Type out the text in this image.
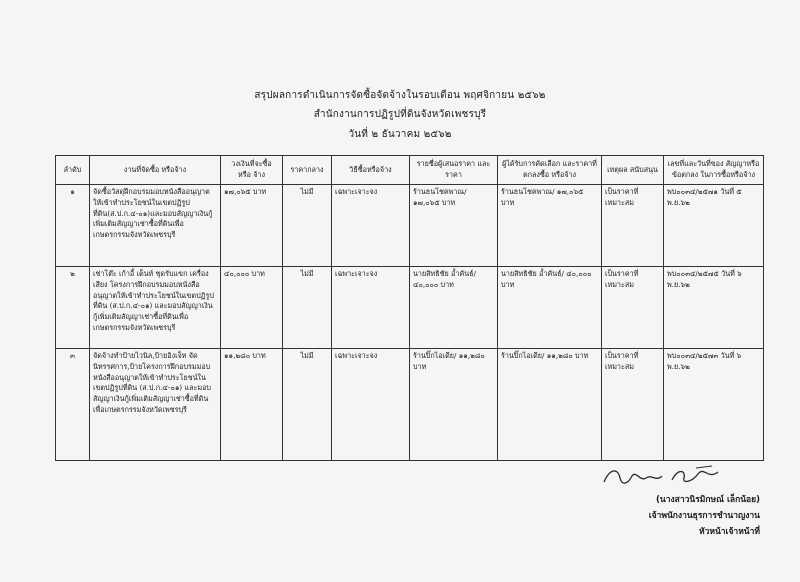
สรุปผลการดำเนินการจัดซื้อจัดจ้างในรอบเดือน พฤศจิกายน ๒๕๖๒
สำนักงานการปฏิรูปที่ดินจังหวัดเพชรบุรี
วันที่ ๒ ธันวาคม ๒๕๖๒
ลำดับ	งานที่จัดซื้อ หรือจ้าง	วงเงินที่จะซื้อ หรือ จ้าง	ราคากลาง	วิธีซื้อหรือจ้าง	รายชื่อผู้เสนอราคา และราคา	ผู้ได้รับการคัดเลือก และราคาที่ตกลงซื้อ หรือจ้าง	เหตุผล สนับสนุน	เลขที่และวันที่ของ สัญญาหรือข้อตกลง ในการซื้อหรือจ้าง
๑	จัดซื้อวัสดุฝึกอบรมมอบหนังสืออนุญาตให้เข้าทำประโยชน์ในเขตปฏิรูปที่ดิน(ส.ป.ก.๔-๐๑)และมอบสัญญาเงินกู้เพิ่มเติมสัญญาเช่าซื้อที่ดินเพื่อเกษตรกรรมจังหวัดเพชรบุรี	๑๗,๐๖๕ บาท	ไม่มี	เฉพาะเจาะจง	ร้านธนโชคพาณ/ ๑๗,๐๖๕ บาท	ร้านธนโชคพาณ/ ๑๗,๐๖๕ บาท	เป็นราคาที่ เหมาะสม	พบ๐๐๓๔/๒๕๗๑ วันที่ ๕ พ.ย.๖๒
๒	เช่าโต๊ะ เก้าอี้ เต็นท์ ชุดรับแขก เครื่องเสียง โครงการฝึกอบรมมอบหนังสืออนุญาตให้เข้าทำประโยชน์ในเขตปฏิรูปที่ดิน (ส.ป.ก.๔-๐๑) และมอบสัญญาเงินกู้เพิ่มเติมสัญญาเช่าซื้อที่ดินเพื่อเกษตรกรรมจังหวัดเพชรบุรี	๔๐,๐๐๐ บาท	ไม่มี	เฉพาะเจาะจง	นายสิทธิชัย อ้ำคันธ์/ ๔๐,๐๐๐ บาท	นายสิทธิชัย อ้ำคันธ์/ ๔๐,๐๐๐ บาท	เป็นราคาที่ เหมาะสม	พบ๐๐๓๔/๒๕๗๕ วันที่ ๖ พ.ย.๖๒
๓	จัดจ้างทำป้ายไวนิล,ป้ายอิงเจ็ท จัดนิทรรศการ,ป้ายโครงการฝึกอบรมมอบหนังสืออนุญาตให้เข้าทำประโยชน์ในเขตปฏิรูปที่ดิน (ส.ป.ก.๔-๐๑) และมอบสัญญาเงินกู้เพิ่มเติมสัญญาเช่าซื้อที่ดินเพื่อเกษตรกรรมจังหวัดเพชรบุรี	๑๑,๒๘๐ บาท	ไม่มี	เฉพาะเจาะจง	ร้านปิ๊กไอเดีย/ ๑๑,๒๘๐ บาท	ร้านปิ๊กไอเดีย/ ๑๑,๒๘๐ บาท	เป็นราคาที่ เหมาะสม	พบ๐๐๓๔/๒๕๗๓ วันที่ ๖ พ.ย.๖๒
(นางสาวนิรมิกษณ์ เล็กน้อย)
เจ้าพนักงานธุรการชำนาญงาน
หัวหน้าเจ้าหน้าที่
